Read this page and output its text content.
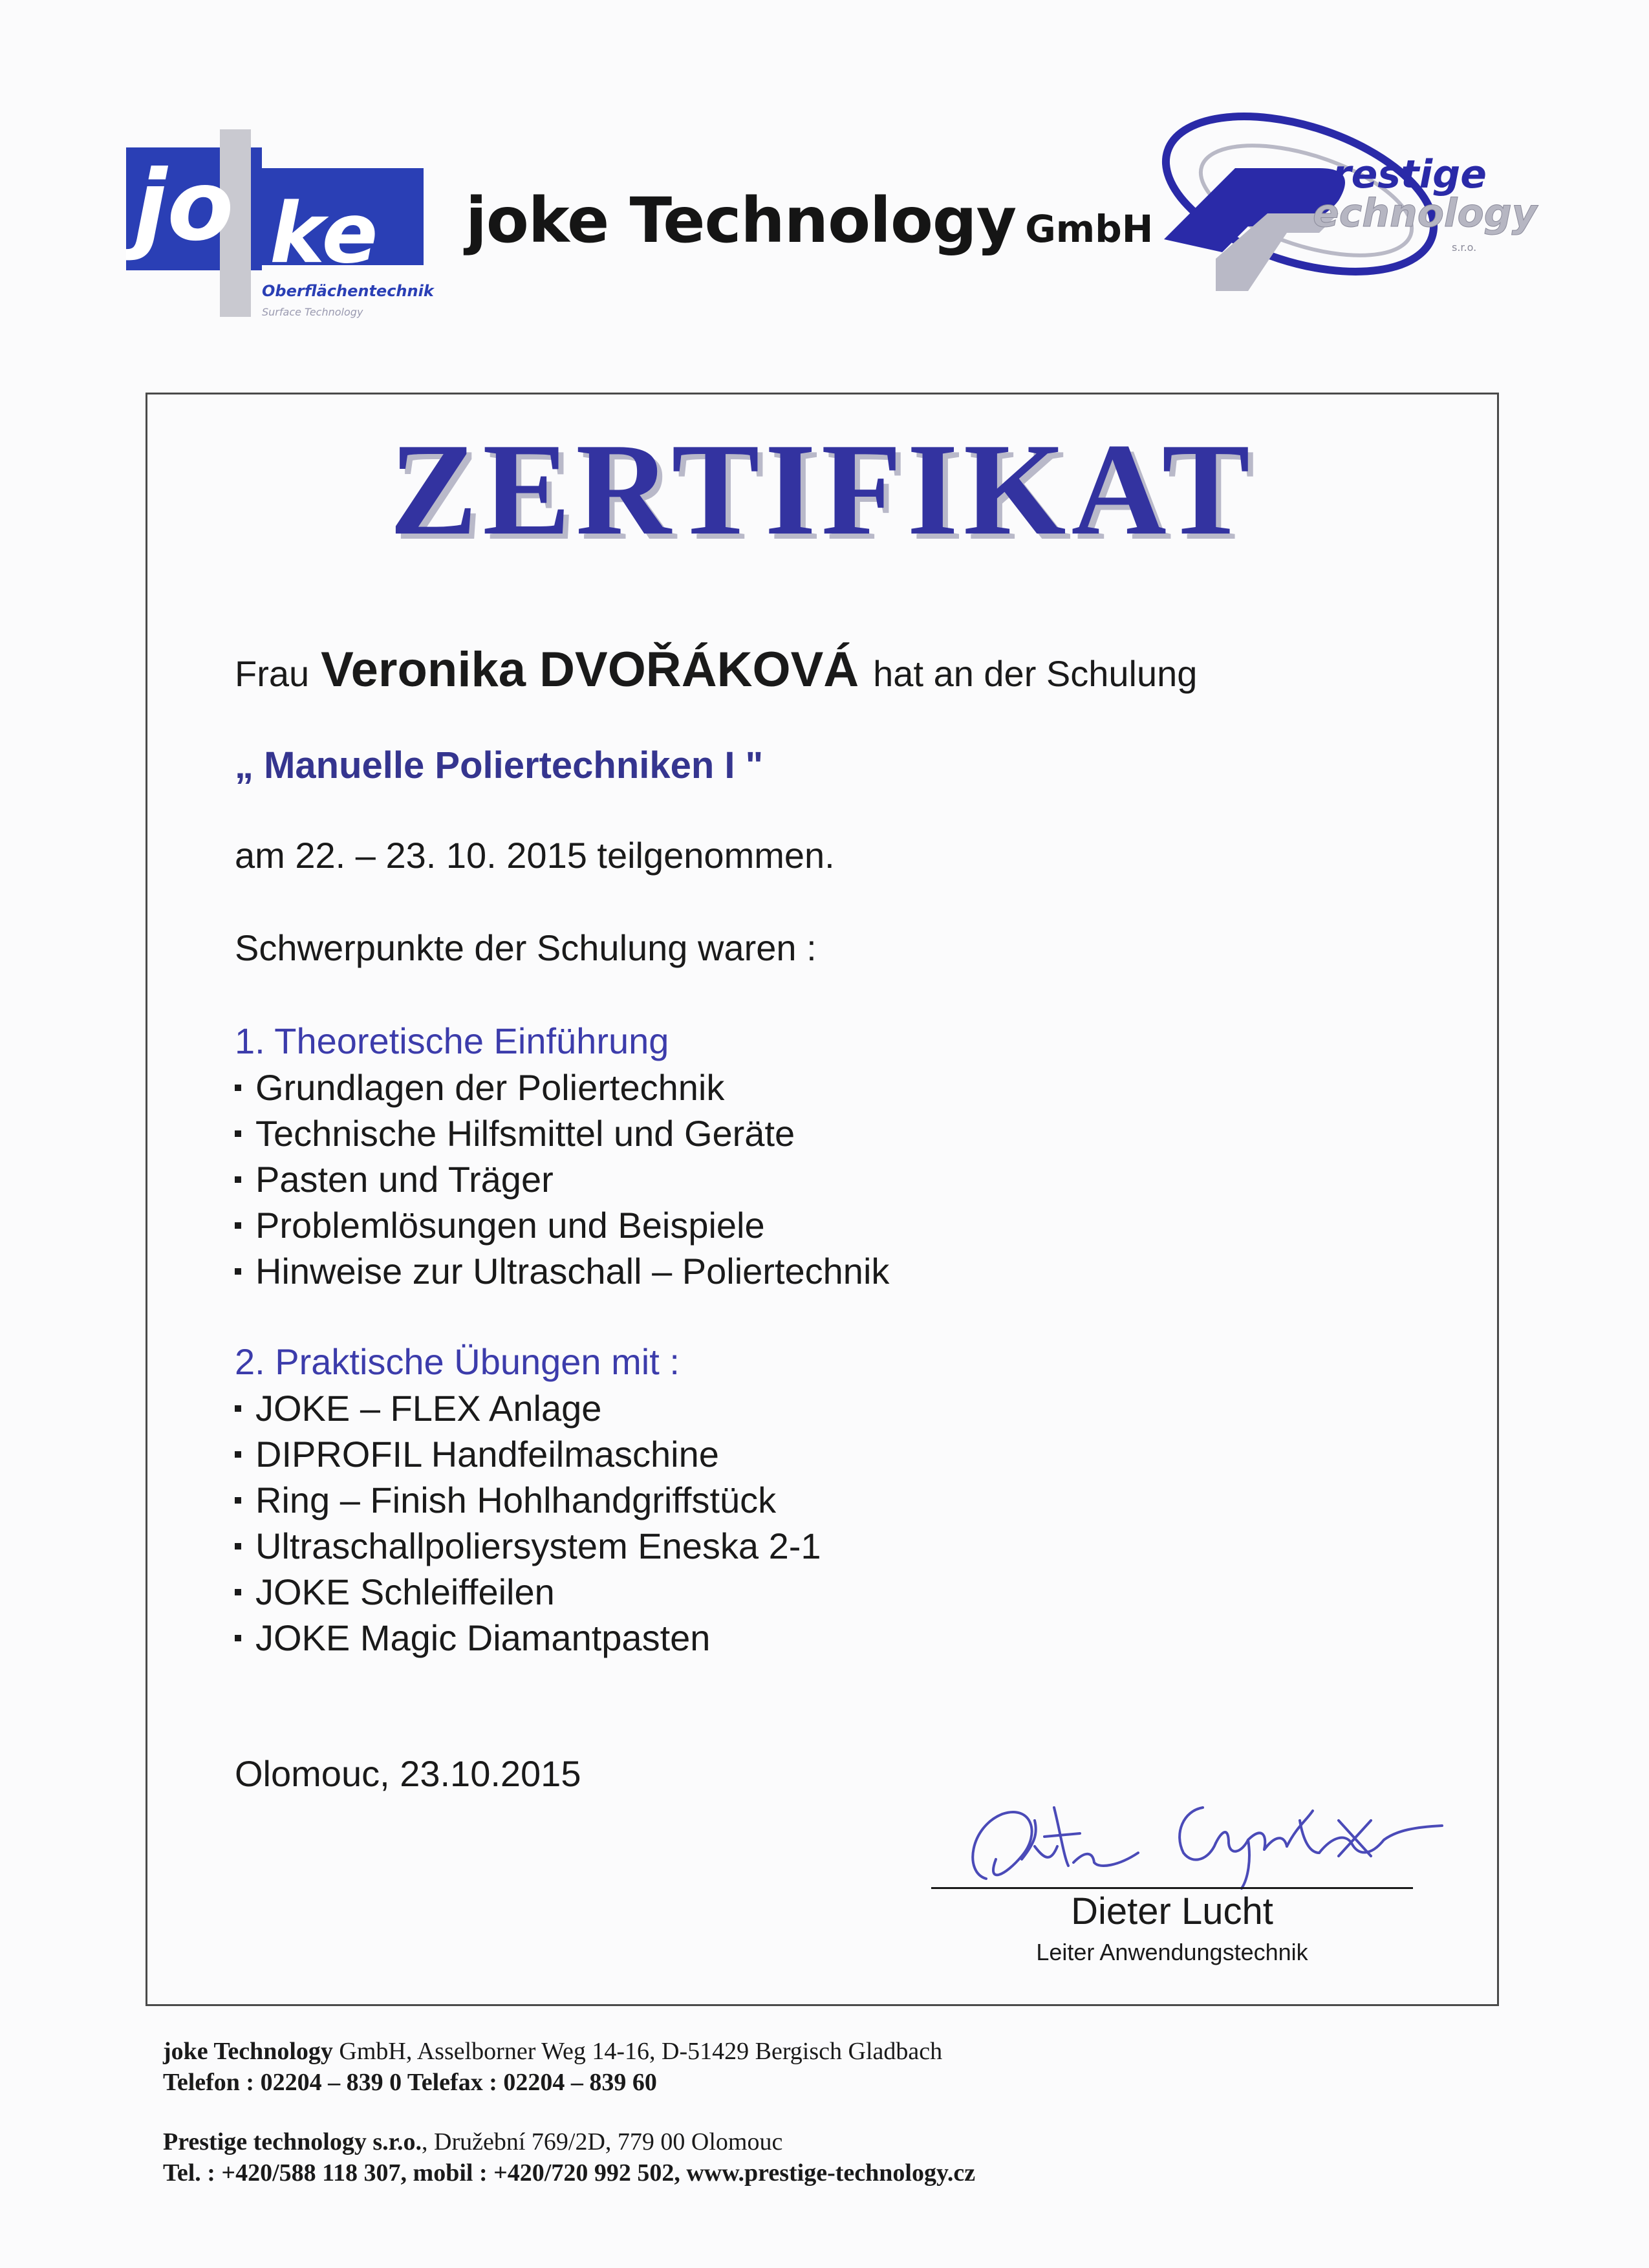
jo ke
Oberflächentechnik
Surface Technology
joke Technology GmbH
restige
echnology
s.r.o.
ZERTIFIKAT
Frau Veronika DVOŘÁKOVÁ hat an der Schulung
„ Manuelle Poliertechniken I "
am 22. – 23. 10. 2015 teilgenommen.
Schwerpunkte der Schulung waren :
1. Theoretische Einführung
Grundlagen der Poliertechnik
Technische Hilfsmittel und Geräte
Pasten und Träger
Problemlösungen und Beispiele
Hinweise zur Ultraschall – Poliertechnik
2. Praktische Übungen mit :
JOKE – FLEX Anlage
DIPROFIL Handfeilmaschine
Ring – Finish Hohlhandgriffstück
Ultraschallpoliersystem Eneska 2-1
JOKE Schleiffeilen
JOKE Magic Diamantpasten
Olomouc, 23.10.2015
Dieter Lucht
Leiter Anwendungstechnik
joke Technology GmbH, Asselborner Weg 14-16, D-51429 Bergisch Gladbach
Telefon : 02204 – 839 0 Telefax : 02204 – 839 60
Prestige technology s.r.o., Družební 769/2D, 779 00 Olomouc
Tel. : +420/588 118 307, mobil : +420/720 992 502, www.prestige-technology.cz
